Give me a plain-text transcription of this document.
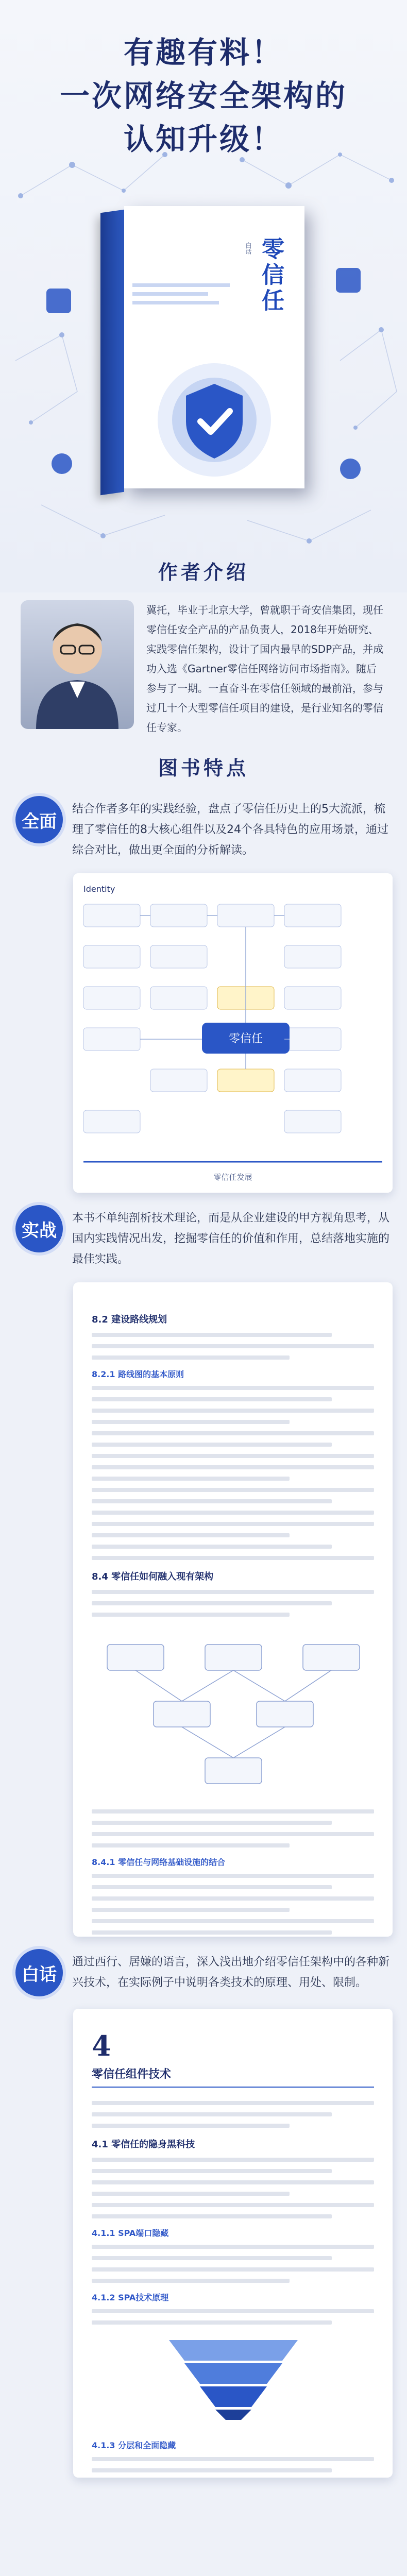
有趣有料！
一次网络安全架构的
认知升级！
零信任
白话
作者介绍
冀托，毕业于北京大学，曾就职于奇安信集团，现任零信任安全产品的产品负责人，2018年开始研究、实践零信任架构，设计了国内最早的SDP产品，并成功入选《Gartner零信任网络访问市场指南》。随后参与了一期。一直奋斗在零信任领域的最前沿，参与过几十个大型零信任项目的建设，是行业知名的零信任专家。
图书特点
全面
结合作者多年的实践经验，盘点了零信任历史上的5大流派，梳理了零信任的8大核心组件以及24个各具特色的应用场景，通过综合对比，做出更全面的分析解读。
Identity
零信任
零信任发展
实战
本书不单纯剖析技术理论，而是从企业建设的甲方视角思考，从国内实践情况出发，挖掘零信任的价值和作用，总结落地实施的最佳实践。
8.2 建设路线规划
8.2.1 路线图的基本原则
8.4 零信任如何融入现有架构
8.4.1 零信任与网络基础设施的结合
白话
通过西行、居嫌的语言，深入浅出地介绍零信任架构中的各种新兴技术，在实际例子中说明各类技术的原理、用处、限制。
4
零信任组件技术
4.1 零信任的隐身黑科技
4.1.1 SPA端口隐藏
4.1.2 SPA技术原理
4.1.3 分层和全面隐藏
